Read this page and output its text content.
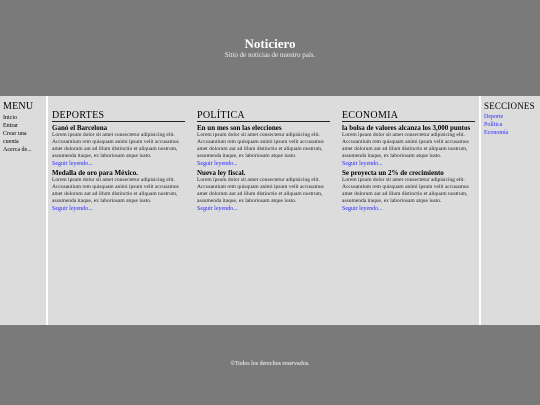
Noticiero
Sitio de noticias de nuestro país.
MENU
Inicio
Entrar
Crear una cuenta
Acerca de...
DEPORTES
Ganó el Barcelona

Lorem ipsum dolor sit amet consectetur adipisicing elit. Accusantium rem quisquam animi ipsum velit accusamus amet dolorum aut ad illum distinctio et aliquam nostrum, assumenda itaque, ex laboriosam atque iusto.

Seguir leyendo...
Medalla de oro para México.

Lorem ipsum dolor sit amet consectetur adipisicing elit. Accusantium rem quisquam animi ipsum velit accusamus amet dolorum aut ad illum distinctio et aliquam nostrum, assumenda itaque, ex laboriosam atque iusto.

Seguir leyendo...
POLÍTICA
En un mes son las elecciones

Lorem ipsum dolor sit amet consectetur adipisicing elit. Accusantium rem quisquam animi ipsum velit accusamus amet dolorum aut ad illum distinctio et aliquam nostrum, assumenda itaque, ex laboriosam atque iusto.

Seguir leyendo...
Nueva ley fiscal.

Lorem ipsum dolor sit amet consectetur adipisicing elit. Accusantium rem quisquam animi ipsum velit accusamus amet dolorum aut ad illum distinctio et aliquam nostrum, assumenda itaque, ex laboriosam atque iusto.

Seguir leyendo...
ECONOMIA
la bolsa de valores alcanza los 3,000 puntos

Lorem ipsum dolor sit amet consectetur adipisicing elit. Accusantium rem quisquam animi ipsum velit accusamus amet dolorum aut ad illum distinctio et aliquam nostrum, assumenda itaque, ex laboriosam atque iusto.

Seguir leyendo...
Se proyecta un 2% de crecimiento

Lorem ipsum dolor sit amet consectetur adipisicing elit. Accusantium rem quisquam animi ipsum velit accusamus amet dolorum aut ad illum distinctio et aliquam nostrum, assumenda itaque, ex laboriosam atque iusto.

Seguir leyendo...
SECCIONES
Deporte
Política
Economía
©Todos los derechos reservados.
